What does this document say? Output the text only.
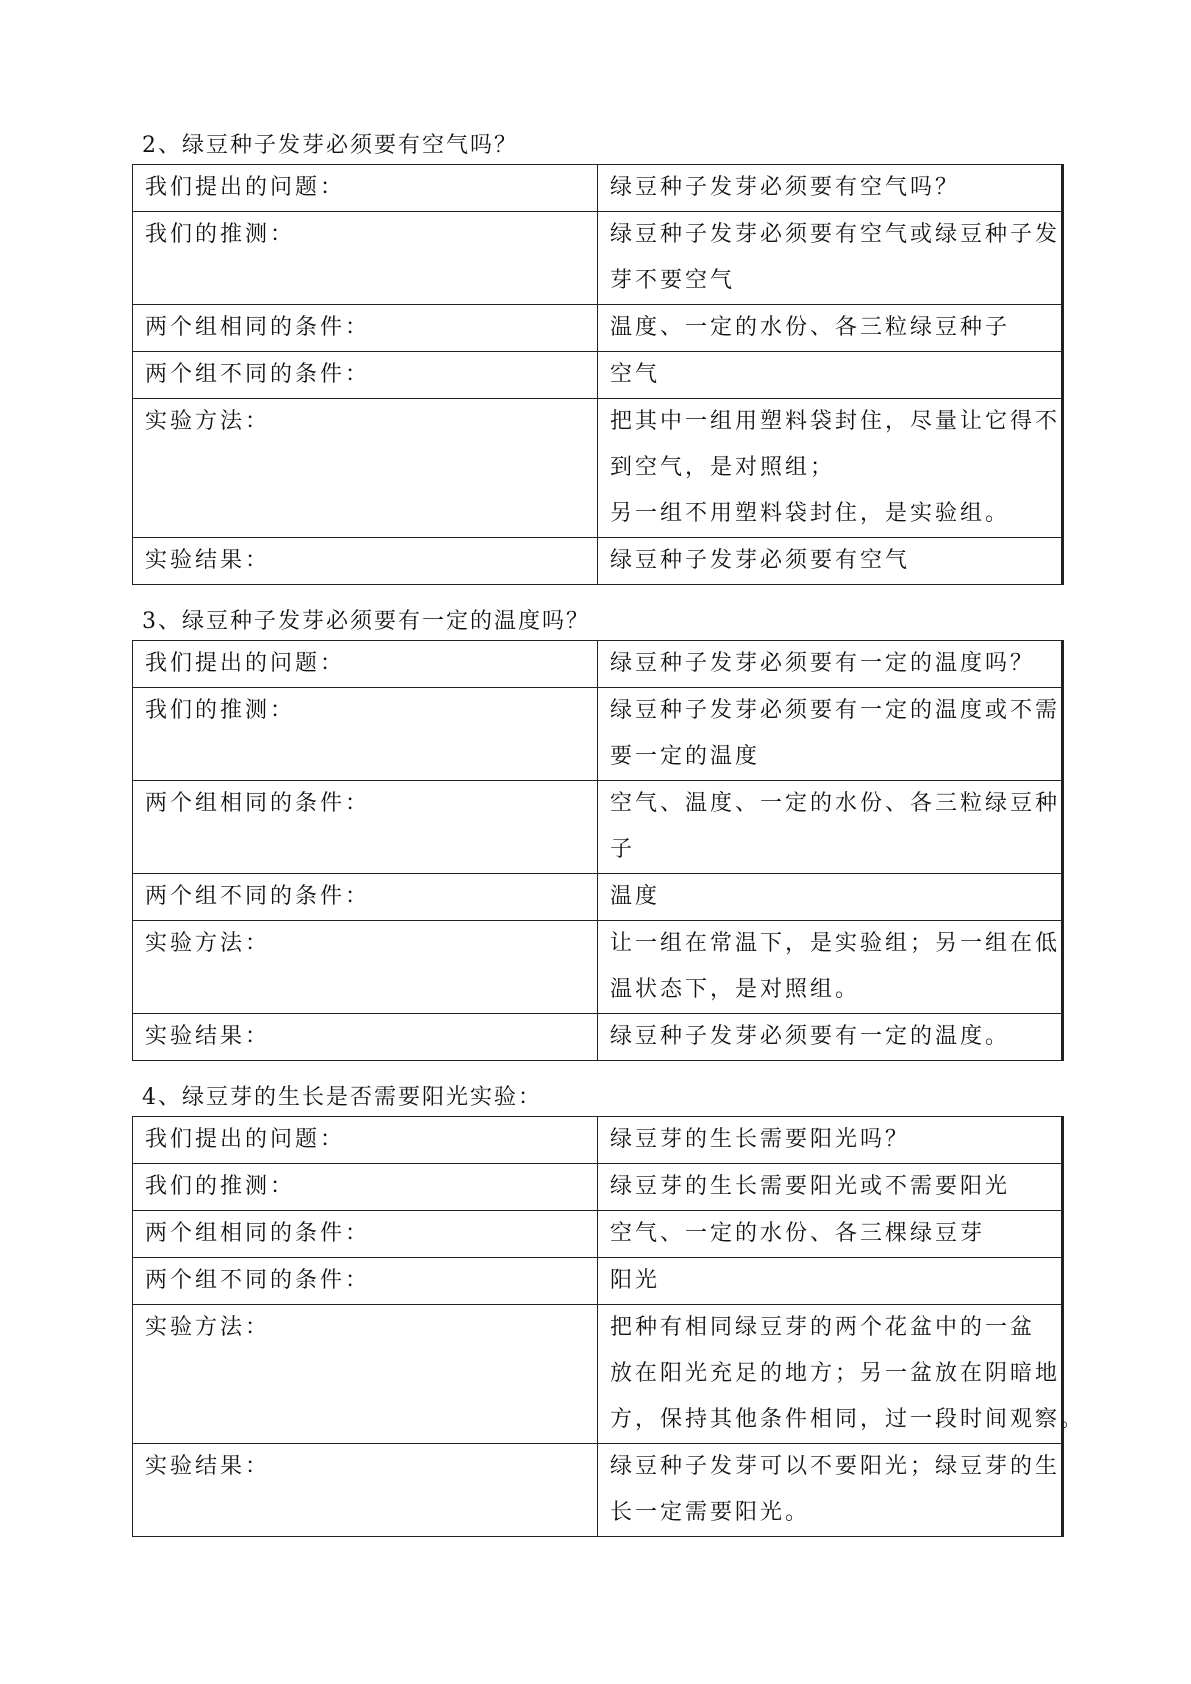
2、绿豆种子发芽必须要有空气吗？

我们提出的问题：	绿豆种子发芽必须要有空气吗？

我们的推测：	绿豆种子发芽必须要有空气或绿豆种子发
芽不要空气

两个组相同的条件：	温度、一定的水份、各三粒绿豆种子

两个组不同的条件：	空气

实验方法：	把其中一组用塑料袋封住，尽量让它得不
到空气，是对照组；
另一组不用塑料袋封住，是实验组。

实验结果：	绿豆种子发芽必须要有空气

3、绿豆种子发芽必须要有一定的温度吗？

我们提出的问题：	绿豆种子发芽必须要有一定的温度吗？

我们的推测：	绿豆种子发芽必须要有一定的温度或不需
要一定的温度

两个组相同的条件：	空气、温度、一定的水份、各三粒绿豆种
子

两个组不同的条件：	温度

实验方法：	让一组在常温下，是实验组；另一组在低
温状态下，是对照组。

实验结果：	绿豆种子发芽必须要有一定的温度。

4、绿豆芽的生长是否需要阳光实验：

我们提出的问题：	绿豆芽的生长需要阳光吗？

我们的推测：	绿豆芽的生长需要阳光或不需要阳光

两个组相同的条件：	空气、一定的水份、各三棵绿豆芽

两个组不同的条件：	阳光

实验方法：	把种有相同绿豆芽的两个花盆中的一盆
放在阳光充足的地方；另一盆放在阴暗地
方，保持其他条件相同，过一段时间观察。

实验结果：	绿豆种子发芽可以不要阳光；绿豆芽的生
长一定需要阳光。
